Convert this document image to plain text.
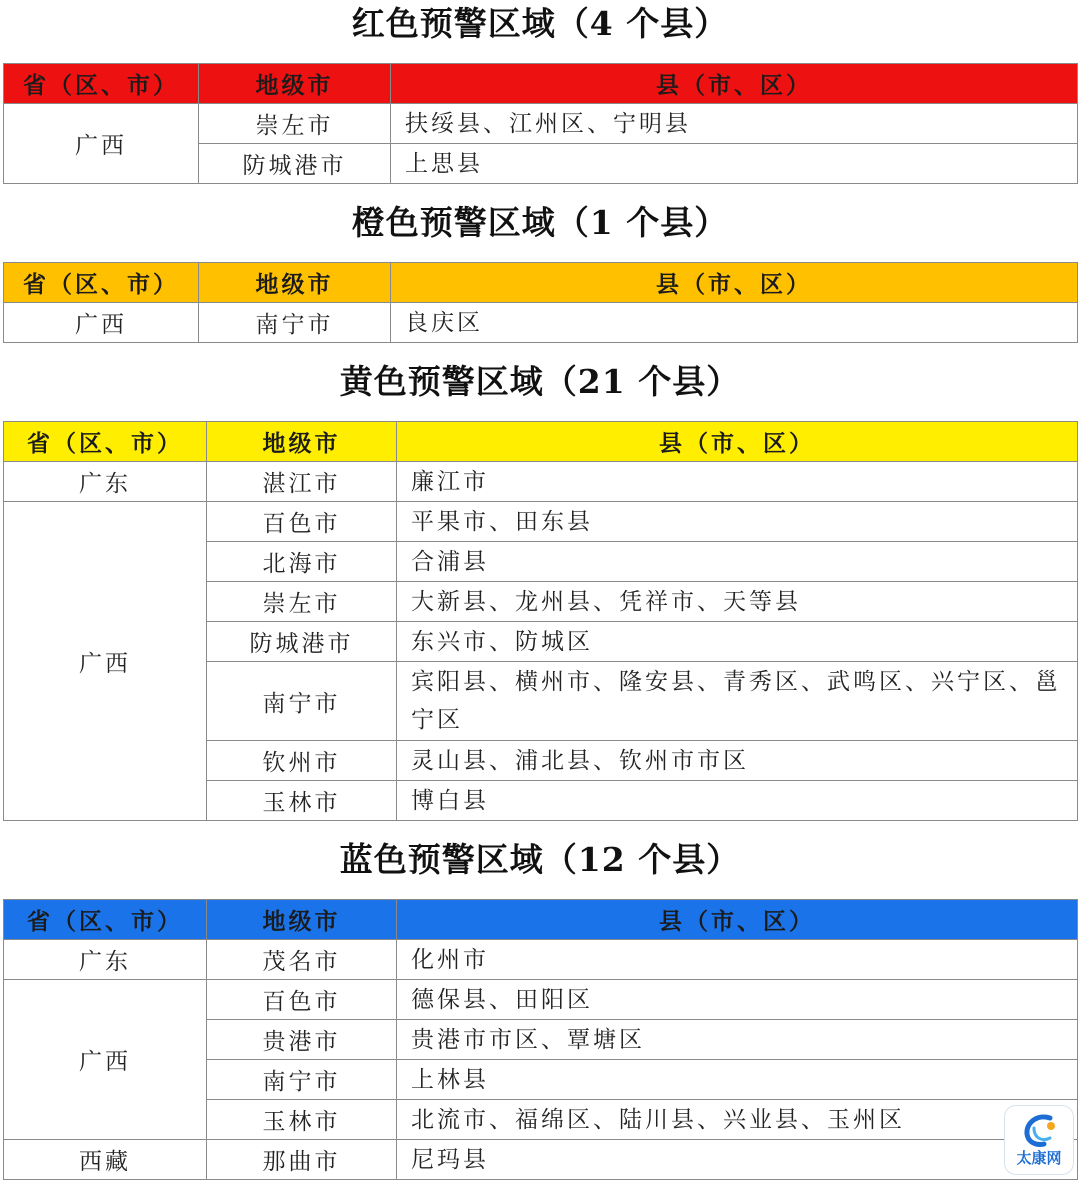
红色预警区域（4 个县）
省（区、市）	地级市	县（市、区）
广西	崇左市	扶绥县、江州区、宁明县
	防城港市	上思县
橙色预警区域（1 个县）
省（区、市）	地级市	县（市、区）
广西	南宁市	良庆区
黄色预警区域（21 个县）
省（区、市）	地级市	县（市、区）
广东	湛江市	廉江市
广西	百色市	平果市、田东县
	北海市	合浦县
	崇左市	大新县、龙州县、凭祥市、天等县
	防城港市	东兴市、防城区
	南宁市	宾阳县、横州市、隆安县、青秀区、武鸣区、兴宁区、邕宁区
	钦州市	灵山县、浦北县、钦州市市区
	玉林市	博白县
蓝色预警区域（12 个县）
省（区、市）	地级市	县（市、区）
广东	茂名市	化州市
广西	百色市	德保县、田阳区
	贵港市	贵港市市区、覃塘区
	南宁市	上林县
	玉林市	北流市、福绵区、陆川县、兴业县、玉州区
西藏	那曲市	尼玛县	太康网
